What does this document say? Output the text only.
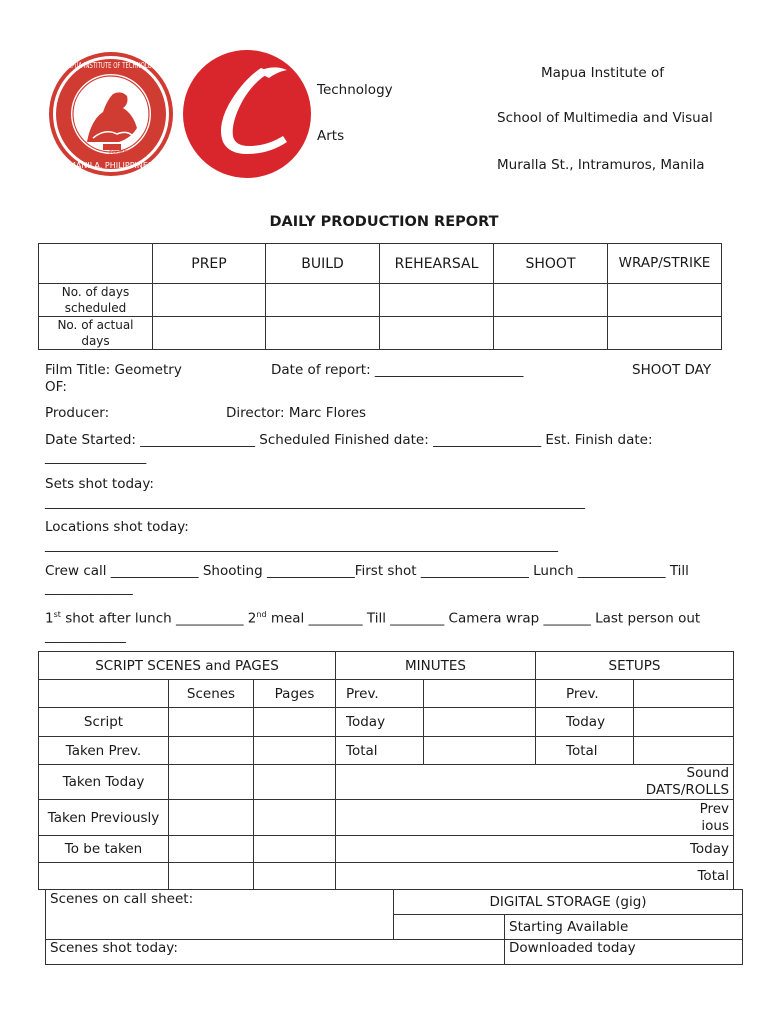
MANILA, PHILIPPINES
MAPUA INSTITUTE OF TECHNOLOGY
FOUNDED 1925
Technology
Arts
Mapua Institute of
School of Multimedia and Visual
Muralla St., Intramuros, Manila
DAILY PRODUCTION REPORT
	PREP	BUILD	REHEARSAL	SHOOT	WRAP/STRIKE
No. of days scheduled					
No. of actual days					
Film Title: Geometry OF:
Date of report: ______________________	SHOOT DAY
Producer:	Director: Marc Flores
Date Started: _________________ Scheduled Finished date: ________________ Est. Finish date: _______________
Sets shot today:
________________________________________________________________________________
Locations shot today:
____________________________________________________________________________
Crew call _____________ Shooting _____________First shot ________________ Lunch _____________ Till _____________
1st shot after lunch __________ 2nd meal ________ Till ________ Camera wrap _______ Last person out ____________
SCRIPT SCENES and PAGES			MINUTES		SETUPS	
	Scenes	Pages	Prev.		Prev.	
Script			Today		Today	
Taken Prev.			Total		Total	
Taken Today			Sound DATS/ROLLS			

Taken Previously			Previous			

To be taken			Today			
			Total			
Scenes on call sheet:	DIGITAL STORAGE (gig)	
		Starting Available
Scenes shot today:		Downloaded today
